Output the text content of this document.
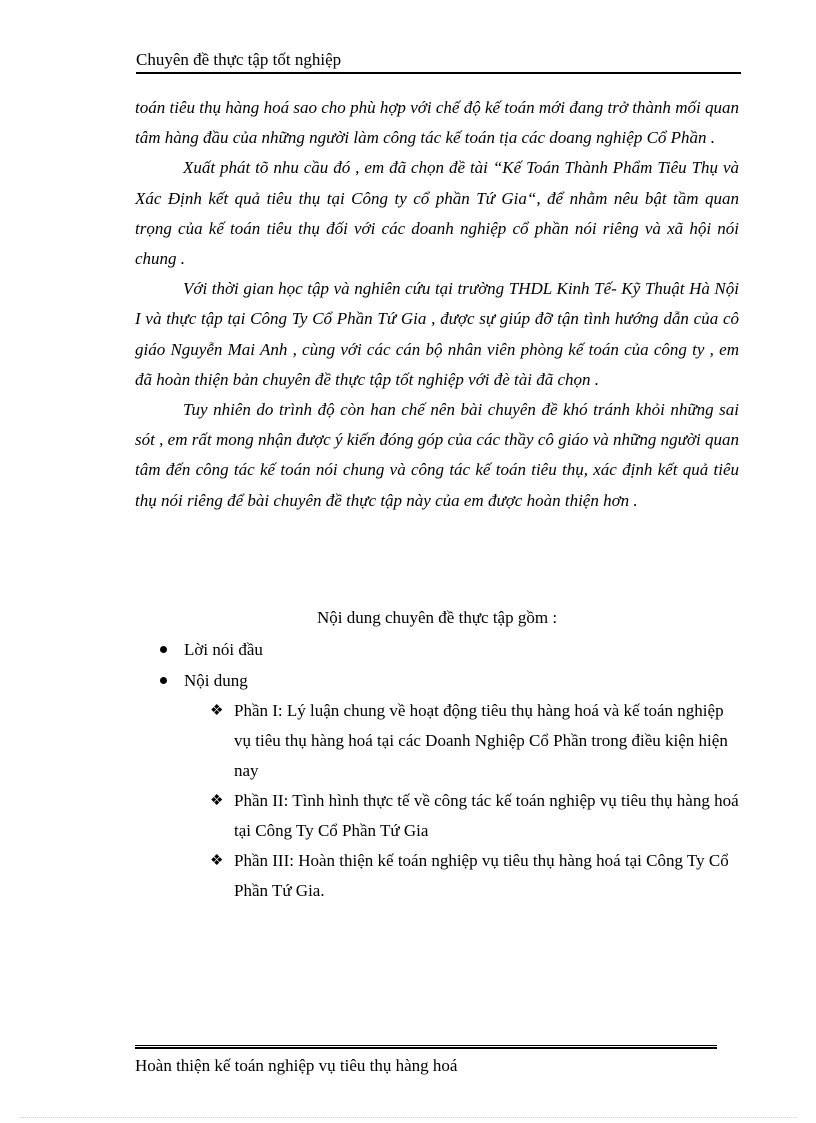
Chuyên đề thực tập tốt nghiệp

toán tiêu thụ hàng hoá sao cho phù hợp với chế độ kế toán mới đang trở thành mối quan tâm hàng đầu của những người làm công tác kế toán tịa các doang nghiệp Cổ Phần .

Xuất phát tõ nhu cầu đó , em đã chọn đề tài “Kế Toán Thành Phẩm Tiêu Thụ và Xác Định kết quả tiêu thụ tại Công ty cổ phần Tứ Gia“, để nhằm nêu bật tầm quan trọng của kế toán tiêu thụ đối với các doanh nghiệp cổ phần nói riêng và xã hội nói chung .

Với thời gian học tập và nghiên cứu tại trường THDL Kinh Tế- Kỹ Thuật Hà Nội I và thực tập tại Công Ty Cổ Phần Tứ Gia , được sự giúp đỡ tận tình hướng dẫn của cô giáo Nguyễn Mai Anh , cùng với các cán bộ nhân viên phòng kế toán của công ty , em đã hoàn thiện bản chuyên đề thực tập tốt nghiệp với đè tài đã chọn .

Tuy nhiên do trình độ còn han chế nên bài chuyên đề khó tránh khỏi những sai sót , em rất mong nhận được ý kiến đóng góp của các thầy cô giáo và những người quan tâm đến công tác kế toán nói chung và công tác kế toán tiêu thụ, xác định kết quả tiêu thụ nói riêng để bài chuyên đề thực tập này của em được hoàn thiện hơn .

Nội dung chuyên đề thực tập gồm :
Lời nói đầu
Nội dung
❖ Phần I: Lý luận chung về hoạt động tiêu thụ hàng hoá và kế toán nghiệp vụ tiêu thụ hàng hoá tại các Doanh Nghiệp Cổ Phần trong điều kiện hiện nay
❖ Phần II: Tình hình thực tế về công tác kế toán nghiệp vụ tiêu thụ hàng hoá tại Công Ty Cổ Phần Tứ Gia
❖ Phần III: Hoàn thiện kế toán nghiệp vụ tiêu thụ hàng hoá tại Công Ty Cổ Phần Tứ Gia.
Hoàn thiện kế toán nghiệp vụ tiêu thụ hàng hoá
